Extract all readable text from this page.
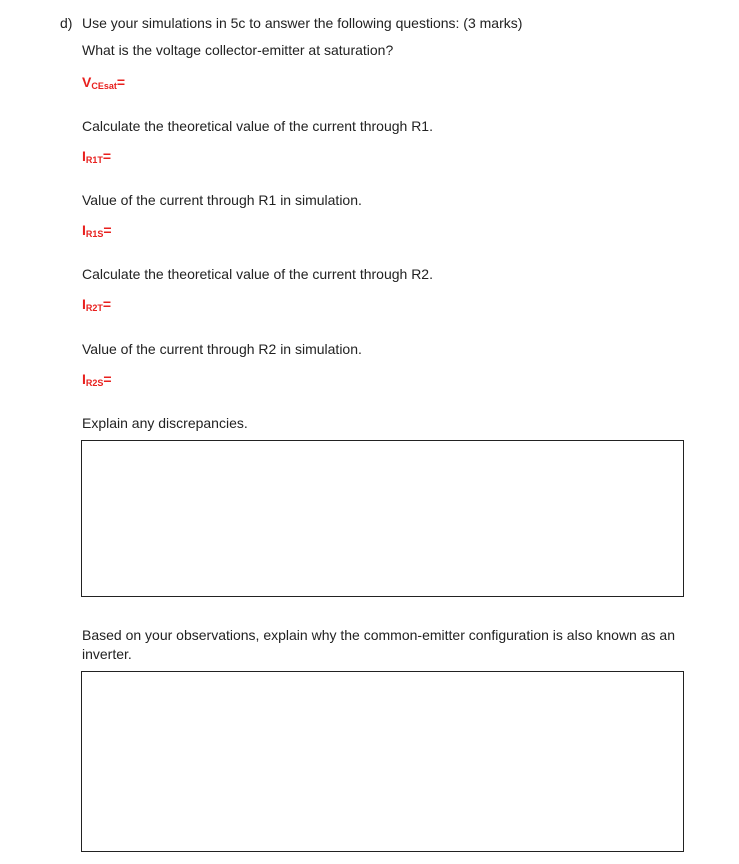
d) Use your simulations in 5c to answer the following questions: (3 marks)
What is the voltage collector-emitter at saturation?
$V_{CEsat}=$
Calculate the theoretical value of the current through R1.
$I_{R1T}=$
Value of the current through R1 in simulation.
$I_{R1S}=$
Calculate the theoretical value of the current through R2.
$I_{R2T}=$
Value of the current through R2 in simulation.
$I_{R2S}=$
Explain any discrepancies.
Based on your observations, explain why the common-emitter configuration is also known as an inverter.
